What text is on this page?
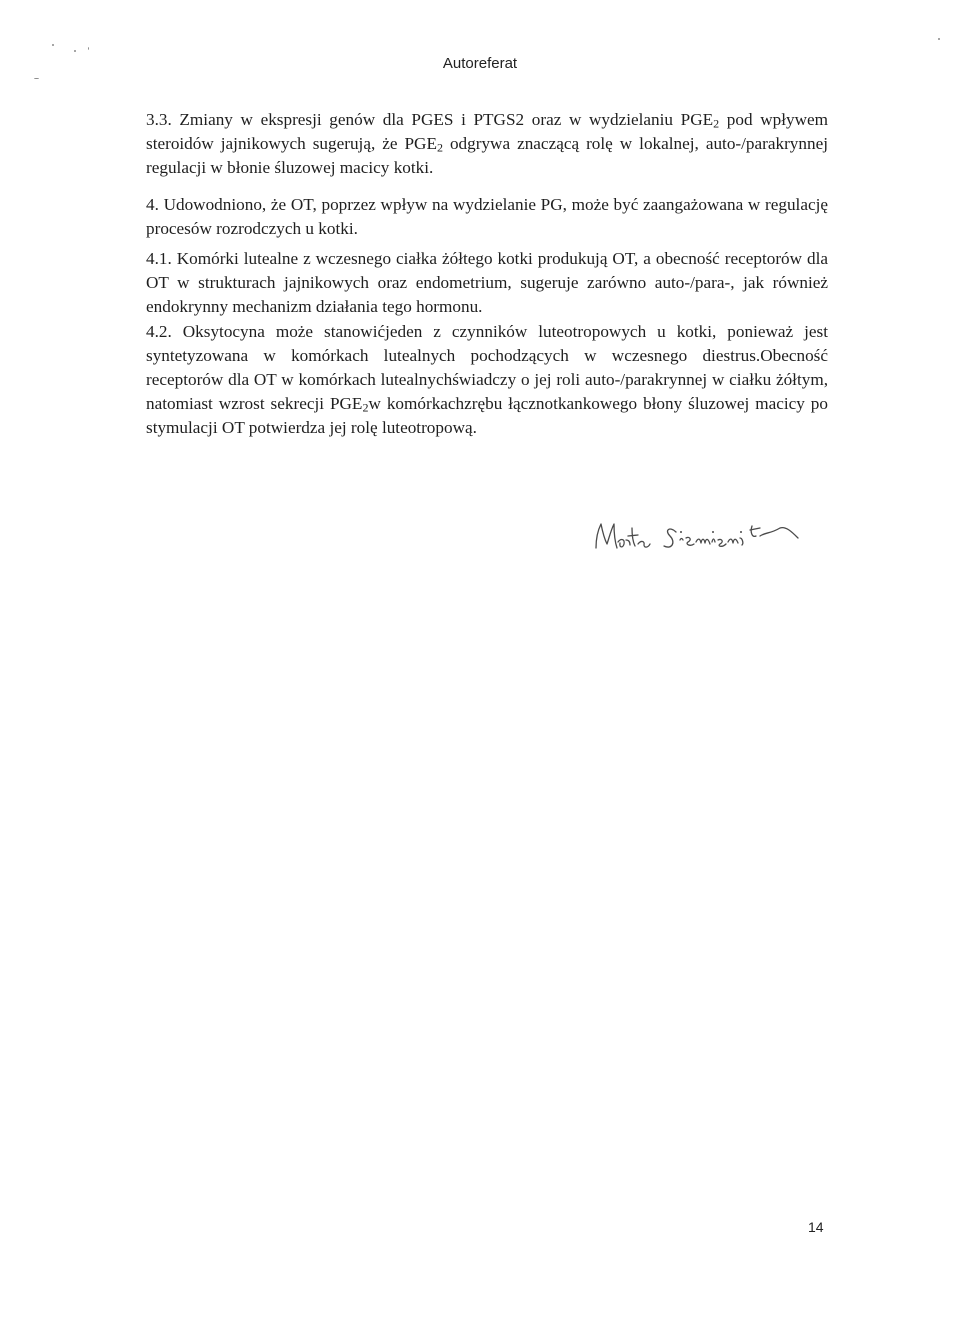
Autoreferat

3.3. Zmiany w ekspresji genów dla PGES i PTGS2 oraz w wydzielaniu $PGE_2$ pod wpływem steroidów jajnikowych sugerują, że $PGE_2$ odgrywa znaczącą rolę w lokalnej, auto-/parakrynnej regulacji w błonie śluzowej macicy kotki.

4. Udowodniono, że OT, poprzez wpływ na wydzielanie PG, może być zaangażowana w regulację procesów rozrodczych u kotki.

4.1. Komórki lutealne z wczesnego ciałka żółtego kotki produkują OT, a obecność receptorów dla OT w strukturach jajnikowych oraz endometrium, sugeruje zarówno auto-/para-, jak również endokrynny mechanizm działania tego hormonu.

4.2. Oksytocyna może stanowićjeden z czynników luteotropowych u kotki, ponieważ jest syntetyzowana w komórkach lutealnych pochodzących w wczesnego diestrus.Obecność receptorów dla OT w komórkach lutealnychświadczy o jej roli auto-/parakrynnej w ciałku żółtym, natomiast wzrost sekrecji $PGE_2w$ komórkachzrębu łącznotkankowego błony śluzowej macicy po stymulacji OT potwierdza jej rolę luteotropową.

14
